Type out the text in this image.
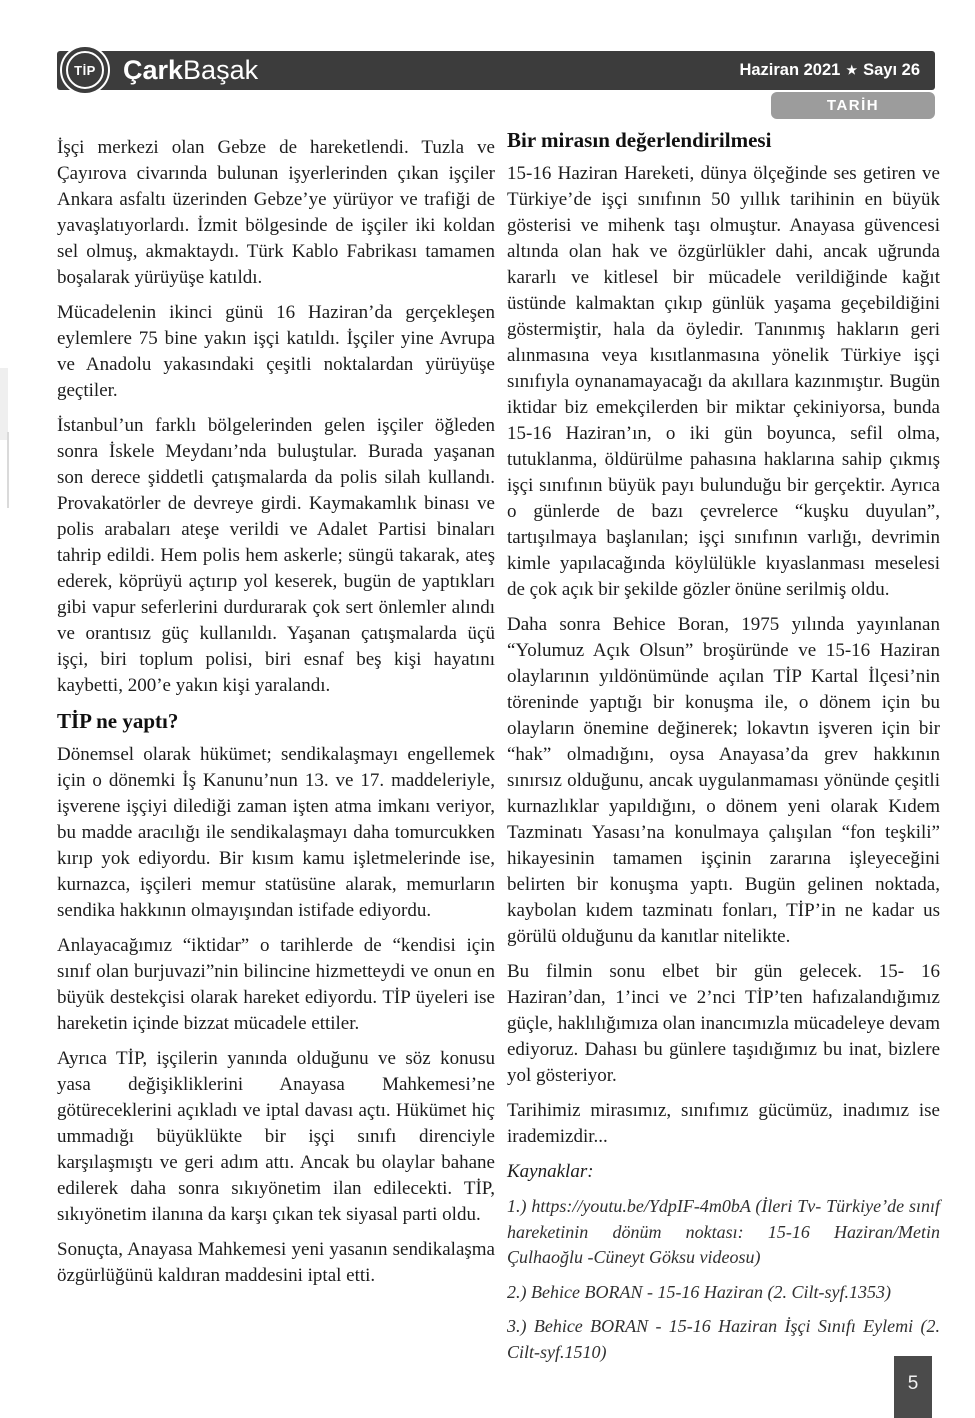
TİP	Çark Başak	Haziran 2021 ★ Sayı 26
TARİH

İşçi merkezi olan Gebze de hareketlendi. Tuzla ve Çayırova civarında bulunan işyerlerinden çıkan işçiler Ankara asfaltı üzerinden Gebze’ye yürüyor ve trafiği de yavaşlatıyorlardı. İzmit bölgesinde de işçiler iki koldan sel olmuş, akmaktaydı. Türk Kablo Fabrikası tamamen boşalarak yürüyüşe katıldı.

Mücadelenin ikinci günü 16 Haziran’da gerçekleşen eylemlere 75 bine yakın işçi katıldı. İşçiler yine Avrupa ve Anadolu yakasındaki çeşitli noktalardan yürüyüşe geçtiler.

İstanbul’un farklı bölgelerinden gelen işçiler öğleden sonra İskele Meydanı’nda buluştular. Burada yaşanan son derece şiddetli çatışmalarda da polis silah kullandı. Provakatörler de devreye girdi. Kaymakamlık binası ve polis arabaları ateşe verildi ve Adalet Partisi binaları tahrip edildi. Hem polis hem askerle; süngü takarak, ateş ederek, köprüyü açtırıp yol keserek, bugün de yaptıkları gibi vapur seferlerini durdurarak çok sert önlemler alındı ve orantısız güç kullanıldı. Yaşanan çatışmalarda üçü işçi, biri toplum polisi, biri esnaf beş kişi hayatını kaybetti, 200’e yakın kişi yaralandı.

TİP ne yaptı?

Dönemsel olarak hükümet; sendikalaşmayı engellemek için o dönemki İş Kanunu’nun 13. ve 17. maddeleriyle, işverene işçiyi dilediği zaman işten atma imkanı veriyor, bu madde aracılığı ile sendikalaşmayı daha tomurcukken kırıp yok ediyordu. Bir kısım kamu işletmelerinde ise, kurnazca, işçileri memur statüsüne alarak, memurların sendika hakkının olmayışından istifade ediyordu.

Anlayacağımız “iktidar” o tarihlerde de “kendisi için sınıf olan burjuvazi”nin bilincine hizmetteydi ve onun en büyük destekçisi olarak hareket ediyordu. TİP üyeleri ise hareketin içinde bizzat mücadele ettiler.

Ayrıca TİP, işçilerin yanında olduğunu ve söz konusu yasa değişikliklerini Anayasa Mahkemesi’ne götüreceklerini açıkladı ve iptal davası açtı. Hükümet hiç ummadığı büyüklükte bir işçi sınıfı direnciyle karşılaşmıştı ve geri adım attı. Ancak bu olaylar bahane edilerek daha sonra sıkıyönetim ilan edilecekti. TİP, sıkıyönetim ilanına da karşı çıkan tek siyasal parti oldu.

Sonuçta, Anayasa Mahkemesi yeni yasanın sendikalaşma özgürlüğünü kaldıran maddesini iptal etti.

Bir mirasın değerlendirilmesi

15-16 Haziran Hareketi, dünya ölçeğinde ses getiren ve Türkiye’de işçi sınıfının 50 yıllık tarihinin en büyük gösterisi ve mihenk taşı olmuştur. Anayasa güvencesi altında olan hak ve özgürlükler dahi, ancak uğrunda kararlı ve kitlesel bir mücadele verildiğinde kağıt üstünde kalmaktan çıkıp günlük yaşama geçebildiğini göstermiştir, hala da öyledir. Tanınmış hakların geri alınmasına veya kısıtlanmasına yönelik Türkiye işçi sınıfıyla oynanamayacağı da akıllara kazınmıştır. Bugün iktidar biz emekçilerden bir miktar çekiniyorsa, bunda 15-16 Haziran’ın, o iki gün boyunca, sefil olma, tutuklanma, öldürülme pahasına haklarına sahip çıkmış işçi sınıfının büyük payı bulunduğu bir gerçektir. Ayrıca o günlerde de bazı çevrelerce “kuşku duyulan”, tartışılmaya başlanılan; işçi sınıfının varlığı, devrimin kimle yapılacağında köylülükle kıyaslanması meselesi de çok açık bir şekilde gözler önüne serilmiş oldu.

Daha sonra Behice Boran, 1975 yılında yayınlanan “Yolumuz Açık Olsun” broşüründe ve 15-16 Haziran olaylarının yıldönümünde açılan TİP Kartal İlçesi’nin töreninde yaptığı bir konuşma ile, o dönem için bu olayların önemine değinerek; lokavtın işveren için bir “hak” olmadığını, oysa Anayasa’da grev hakkının sınırsız olduğunu, ancak uygulanmaması yönünde çeşitli kurnazlıklar yapıldığını, o dönem yeni olarak Kıdem Tazminatı Yasası’na konulmaya çalışılan “fon teşkili” hikayesinin tamamen işçinin zararına işleyeceğini belirten bir konuşma yaptı. Bugün gelinen noktada, kaybolan kıdem tazminatı fonları, TİP’in ne kadar us görülü olduğunu da kanıtlar nitelikte.

Bu filmin sonu elbet bir gün gelecek. 15- 16 Haziran’dan, 1’inci ve 2’nci TİP’ten hafızalandığımız güçle, haklılığımıza olan inancımızla mücadeleye devam ediyoruz. Dahası bu günlere taşıdığımız bu inat, bizlere yol gösteriyor.

Tarihimiz mirasımız, sınıfımız gücümüz, inadımız ise irademizdir...

Kaynaklar:

1.) https://youtu.be/YdpIF-4m0bA (İleri Tv- Türkiye’de sınıf hareketinin dönüm noktası: 15-16 Haziran/Metin Çulhaoğlu -Cüneyt Göksu videosu)

2.) Behice BORAN - 15-16 Haziran (2. Cilt-syf.1353)

3.) Behice BORAN - 15-16 Haziran İşçi Sınıfı Eylemi (2. Cilt-syf.1510)

5
